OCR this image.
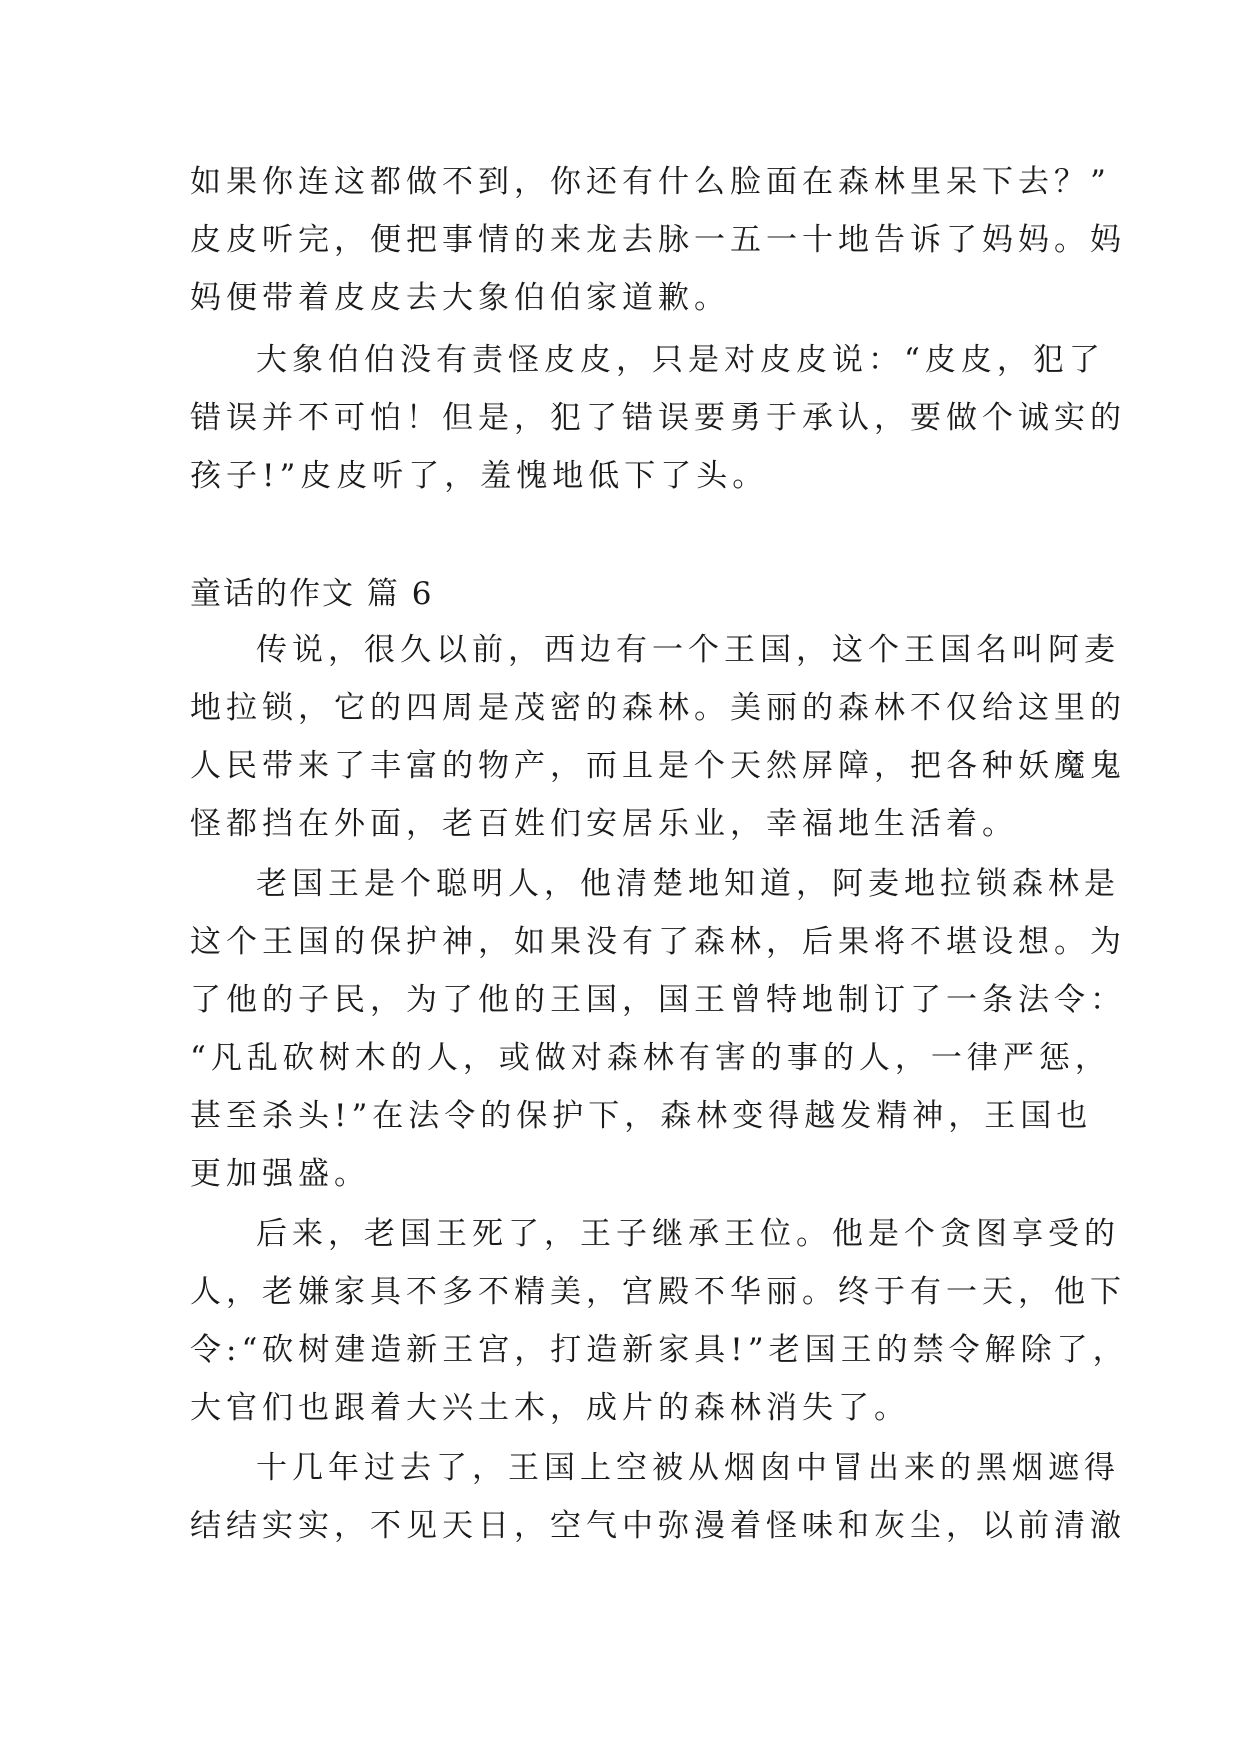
如果你连这都做不到，你还有什么脸面在森林里呆下去？”
皮皮听完，便把事情的来龙去脉一五一十地告诉了妈妈。妈
妈便带着皮皮去大象伯伯家道歉。
大象伯伯没有责怪皮皮，只是对皮皮说：“皮皮，犯了
错误并不可怕！但是，犯了错误要勇于承认，要做个诚实的
孩子!”皮皮听了，羞愧地低下了头。
童话的作文 篇 6
传说，很久以前，西边有一个王国，这个王国名叫阿麦
地拉锁，它的四周是茂密的森林。美丽的森林不仅给这里的
人民带来了丰富的物产，而且是个天然屏障，把各种妖魔鬼
怪都挡在外面，老百姓们安居乐业，幸福地生活着。
老国王是个聪明人，他清楚地知道，阿麦地拉锁森林是
这个王国的保护神，如果没有了森林，后果将不堪设想。为
了他的子民，为了他的王国，国王曾特地制订了一条法令：
“凡乱砍树木的人，或做对森林有害的事的人，一律严惩，
甚至杀头!”在法令的保护下，森林变得越发精神，王国也
更加强盛。
后来，老国王死了，王子继承王位。他是个贪图享受的
人，老嫌家具不多不精美，宫殿不华丽。终于有一天，他下
令:“砍树建造新王宫，打造新家具!”老国王的禁令解除了，
大官们也跟着大兴土木，成片的森林消失了。
十几年过去了，王国上空被从烟囱中冒出来的黑烟遮得
结结实实，不见天日，空气中弥漫着怪味和灰尘，以前清澈
